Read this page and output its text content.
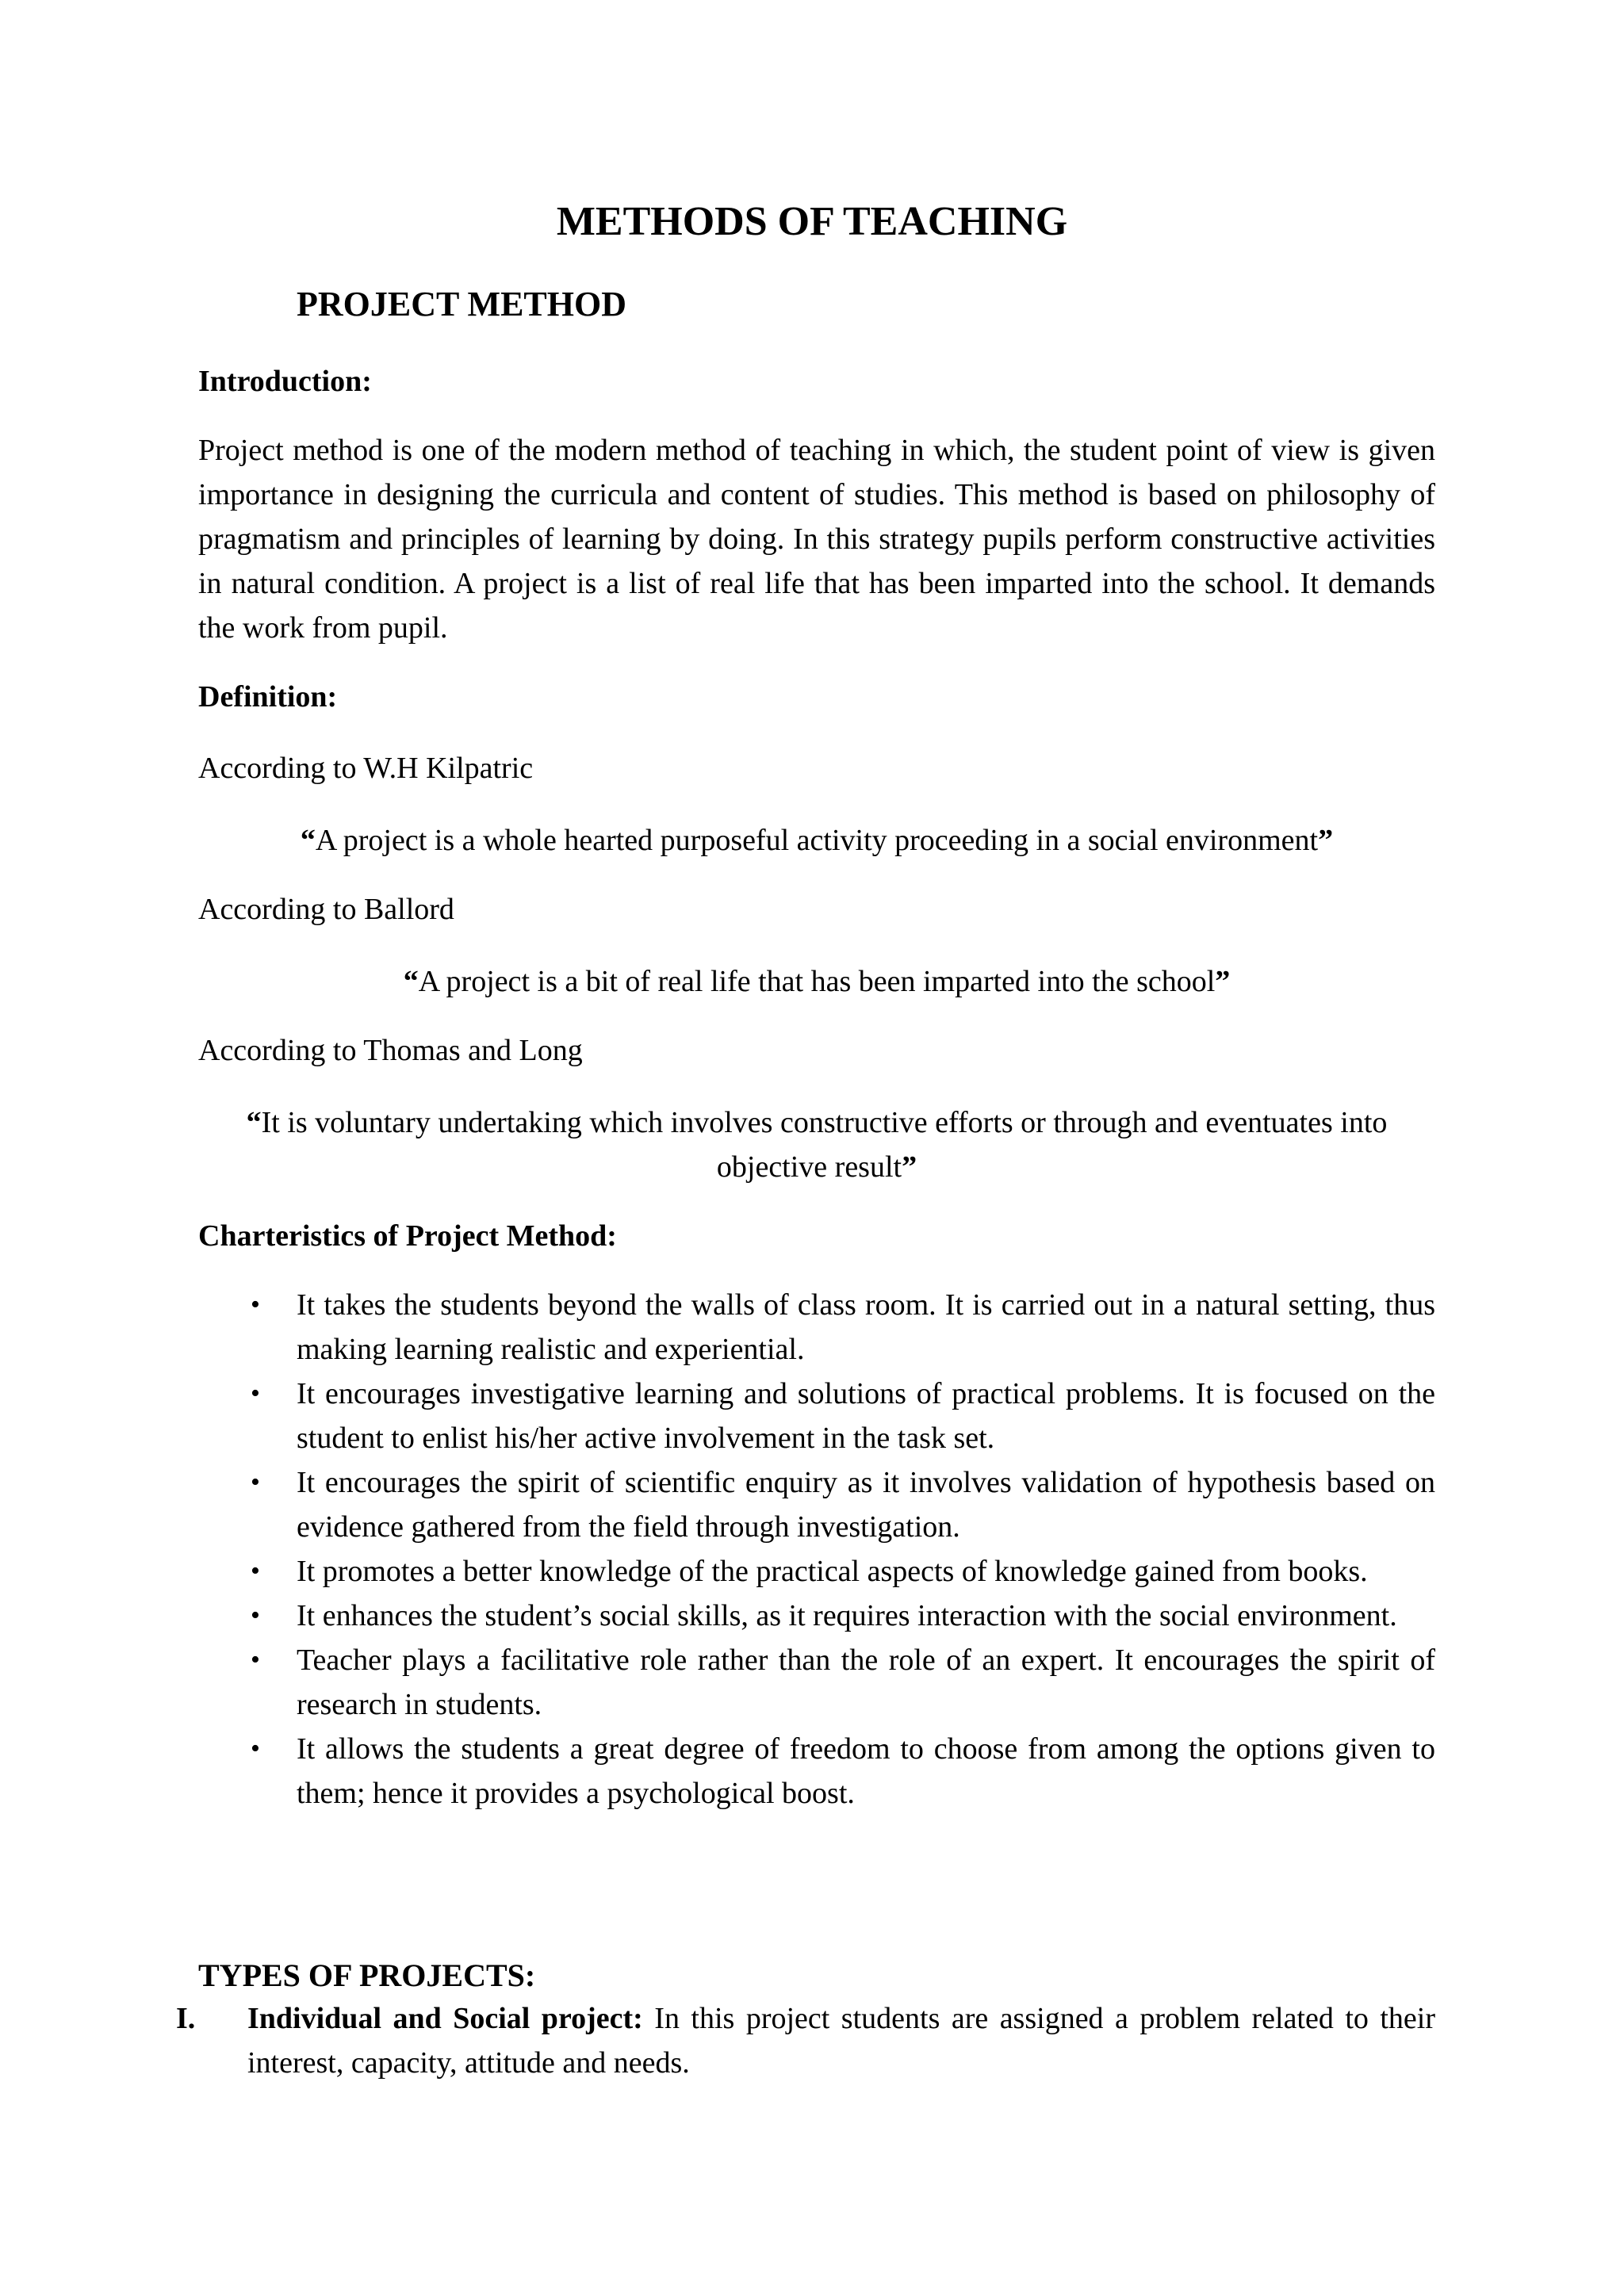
METHODS OF TEACHING
PROJECT METHOD
Introduction:
Project method is one of the modern method of teaching in which, the student point of view is given importance in designing the curricula and content of studies. This method is based on philosophy of pragmatism and principles of learning by doing. In this strategy pupils perform constructive activities in natural condition. A project is a list of real life that has been imparted into the school. It demands the work from pupil.
Definition:
According to W.H Kilpatric
“A project is a whole hearted purposeful activity proceeding in a social environment”
According to Ballord
“A project is a bit of real life that has been imparted into the school”
According to Thomas and Long
“It is voluntary undertaking which involves constructive efforts or through and eventuates into objective result”
Charteristics of Project Method:
• It takes the students beyond the walls of class room. It is carried out in a natural setting, thus making learning realistic and experiential.
• It encourages investigative learning and solutions of practical problems. It is focused on the student to enlist his/her active involvement in the task set.
• It encourages the spirit of scientific enquiry as it involves validation of hypothesis based on evidence gathered from the field through investigation.
• It promotes a better knowledge of the practical aspects of knowledge gained from books.
• It enhances the student’s social skills, as it requires interaction with the social environment.
• Teacher plays a facilitative role rather than the role of an expert. It encourages the spirit of research in students.
• It allows the students a great degree of freedom to choose from among the options given to them; hence it provides a psychological boost.
TYPES OF PROJECTS:
I. Individual and Social project: In this project students are assigned a problem related to their interest, capacity, attitude and needs.
